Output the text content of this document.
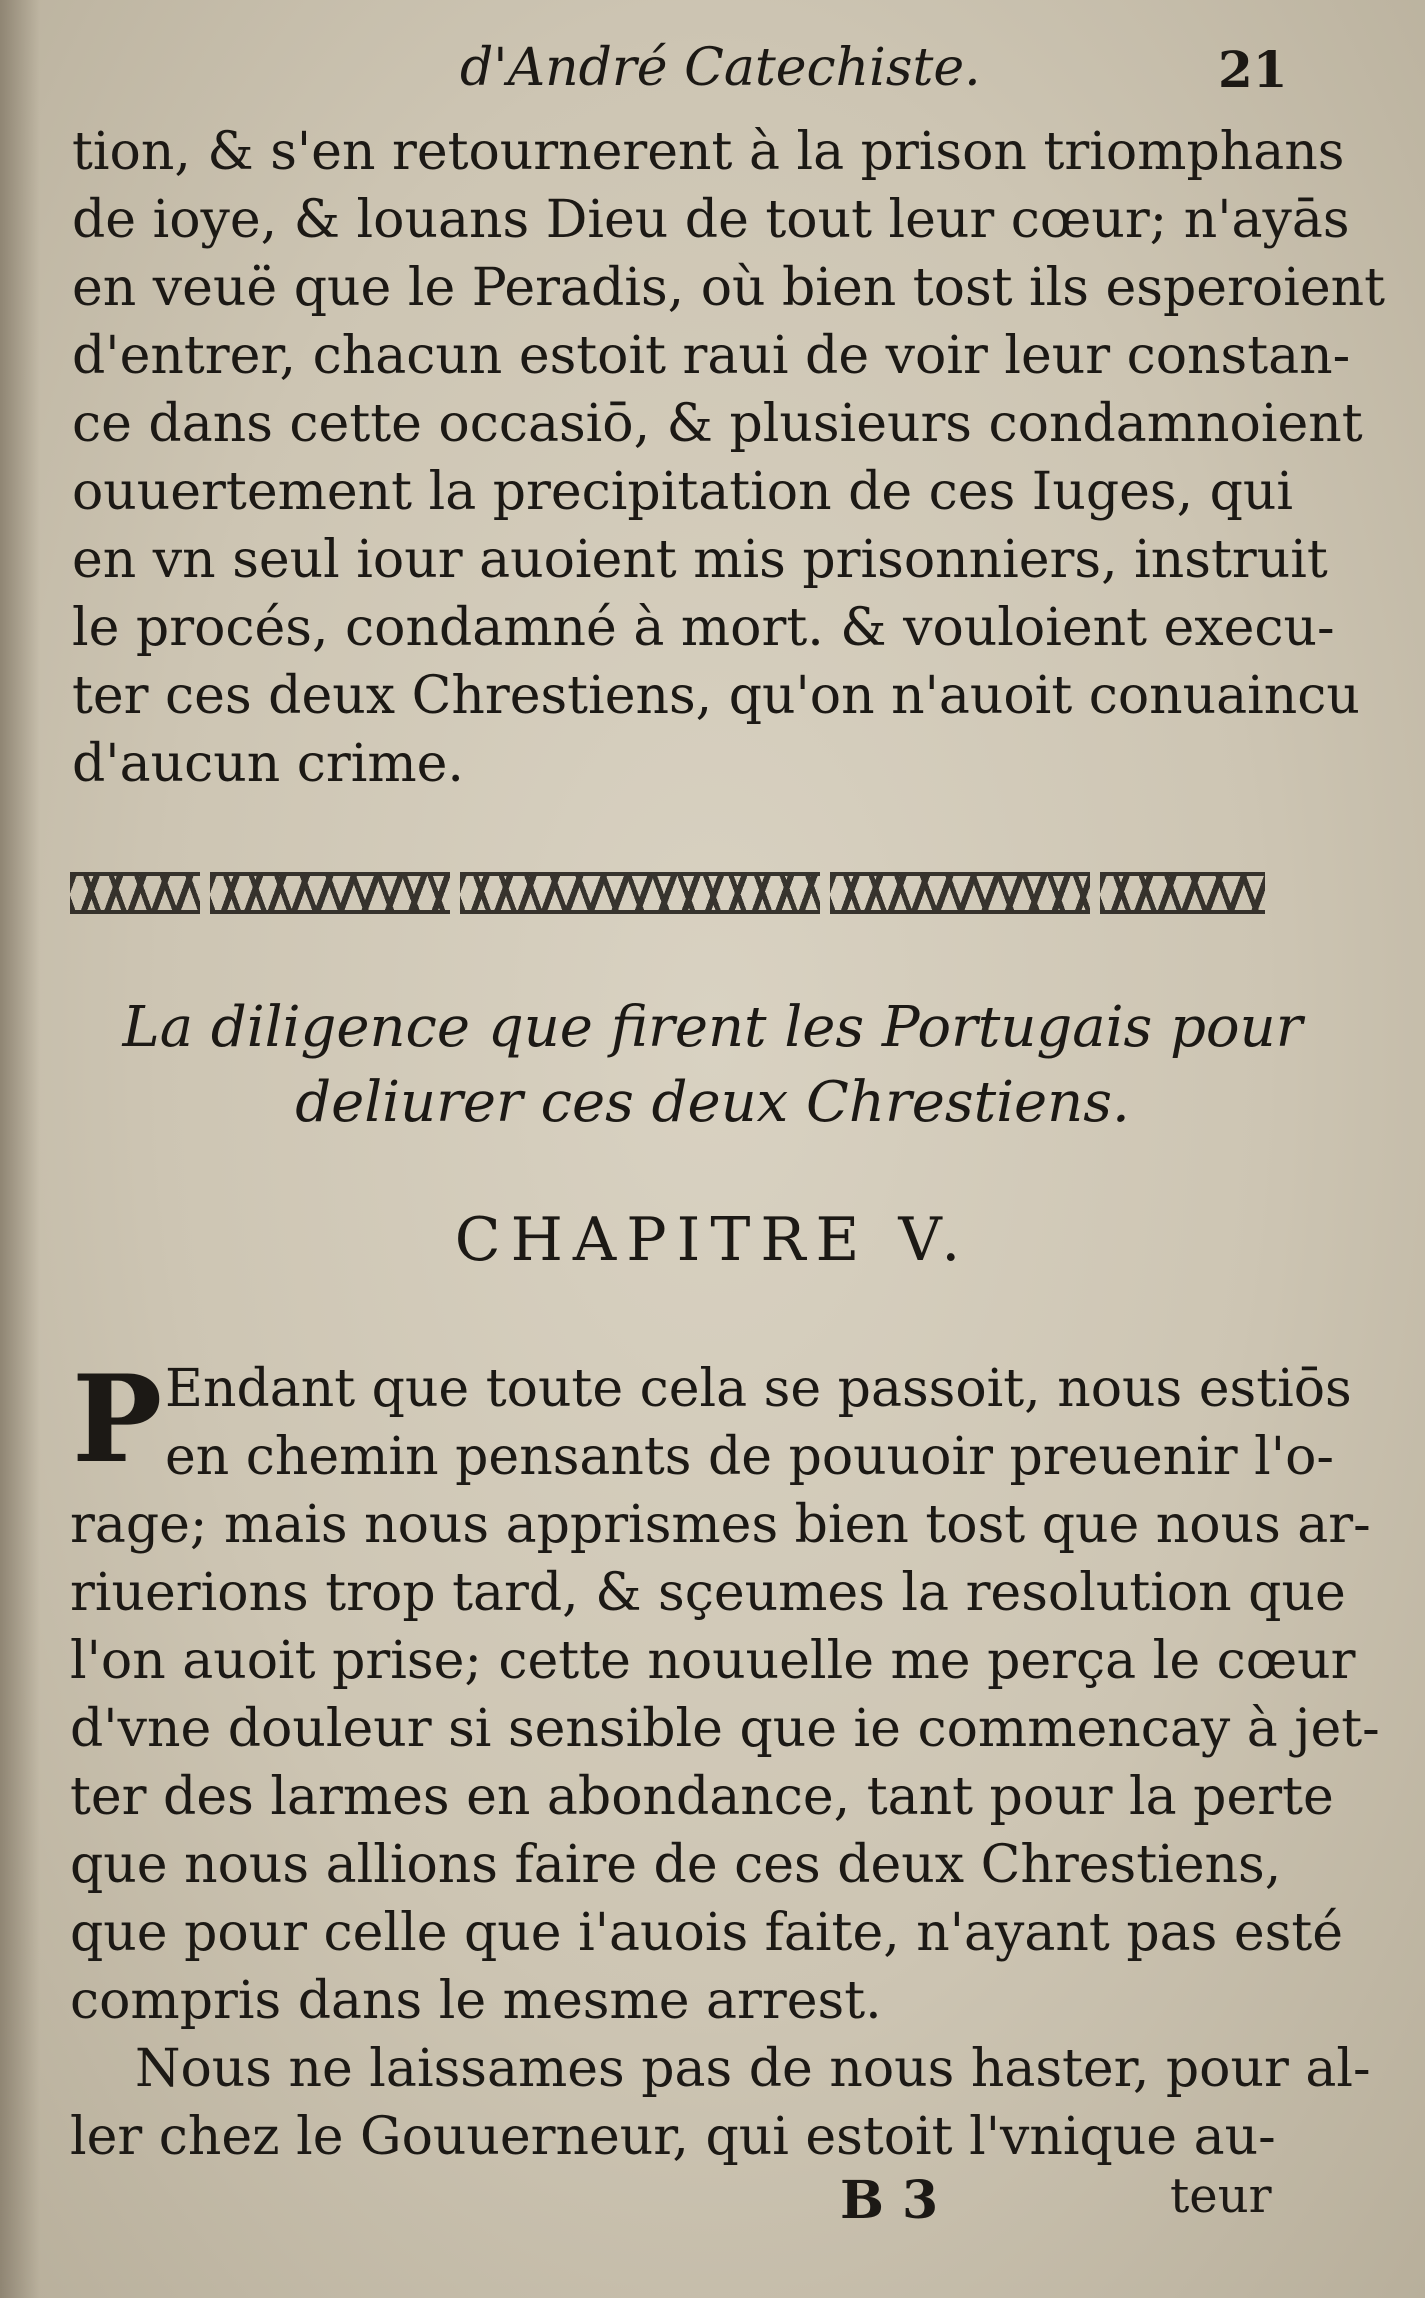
d'André Catechiste.	21
tion, & s'en retournerent à la prison triomphans
de ioye, & louans Dieu de tout leur cœur; n'ayās
en veuë que le Peradis, où bien tost ils esperoient
d'entrer, chacun estoit raui de voir leur constan-
ce dans cette occasiō, & plusieurs condamnoient
ouuertement la precipitation de ces Iuges, qui
en vn seul iour auoient mis prisonniers, instruit
le procés, condamné à mort. & vouloient execu-
ter ces deux Chrestiens, qu'on n'auoit conuaincu
d'aucun crime.
La diligence que firent les Portugais pour
deliurer ces deux Chrestiens.
CHAPITRE V.
P Endant que toute cela se passoit, nous estiōs
en chemin pensants de pouuoir preuenir l'o-
rage; mais nous apprismes bien tost que nous ar-
riuerions trop tard, & sçeumes la resolution que
l'on auoit prise; cette nouuelle me perça le cœur
d'vne douleur si sensible que ie commencay à jet-
ter des larmes en abondance, tant pour la perte
que nous allions faire de ces deux Chrestiens,
que pour celle que i'auois faite, n'ayant pas esté
compris dans le mesme arrest.
Nous ne laissames pas de nous haster, pour al-
ler chez le Gouuerneur, qui estoit l'vnique au-
B 3	teur
